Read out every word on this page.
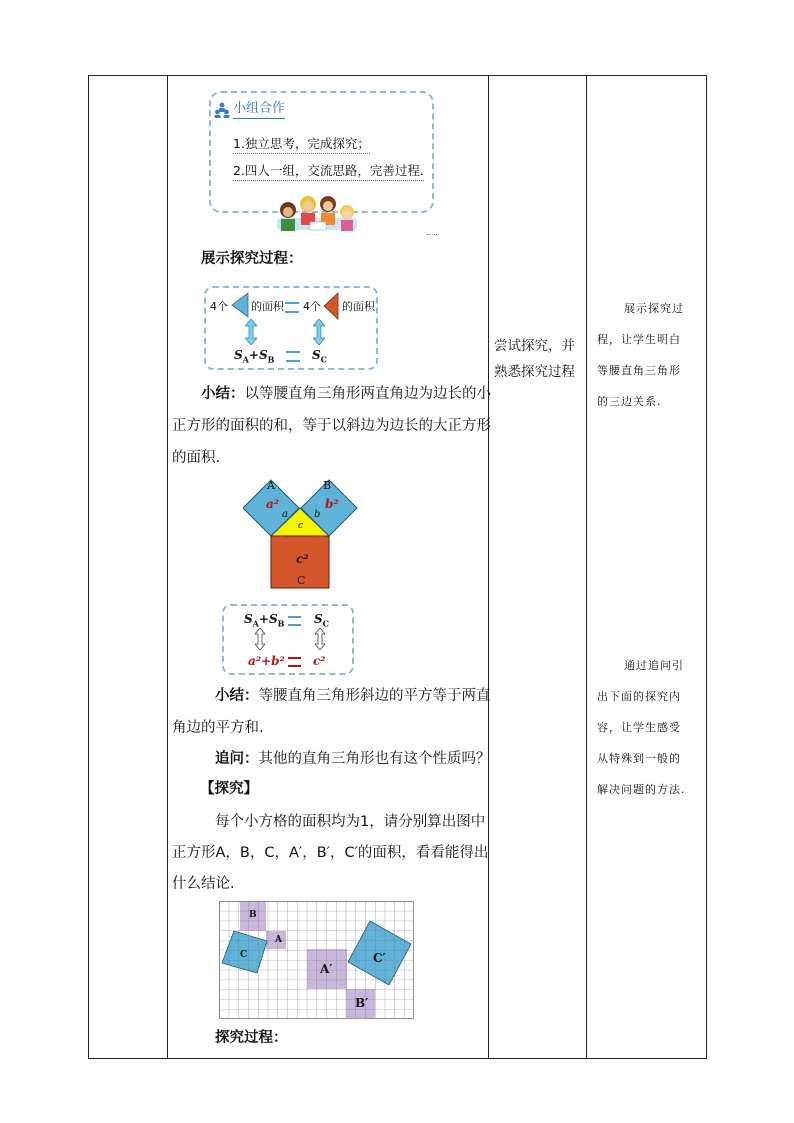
小组合作
1.独立思考，完成探究；
2.四人一组，交流思路，完善过程.
展示探究过程：
4个 的面积 4个 的面积
$S_A+S_B$	$S_C$
小结：以等腰直角三角形两直角边为边长的小
正方形的面积的和，等于以斜边为边长的大正方形
的面积.
A	B
a²	b²
a	b
c
c²
C
$S_A+S_B$ $S_C$
a²+b² c²
小结：等腰直角三角形斜边的平方等于两直
角边的平方和.
追问：其他的直角三角形也有这个性质吗？
【探究】
每个小方格的面积均为1，请分别算出图中
正方形A，B，C，A′，B′，C′的面积，看看能得出
什么结论.
B
A
C
A′
C′
B′
探究过程：
尝试探究，并
熟悉探究过程
展示探究过
程，让学生明白
等腰直角三角形
的三边关系.
通过追问引
出下面的探究内
容，让学生感受
从特殊到一般的
解决问题的方法.
